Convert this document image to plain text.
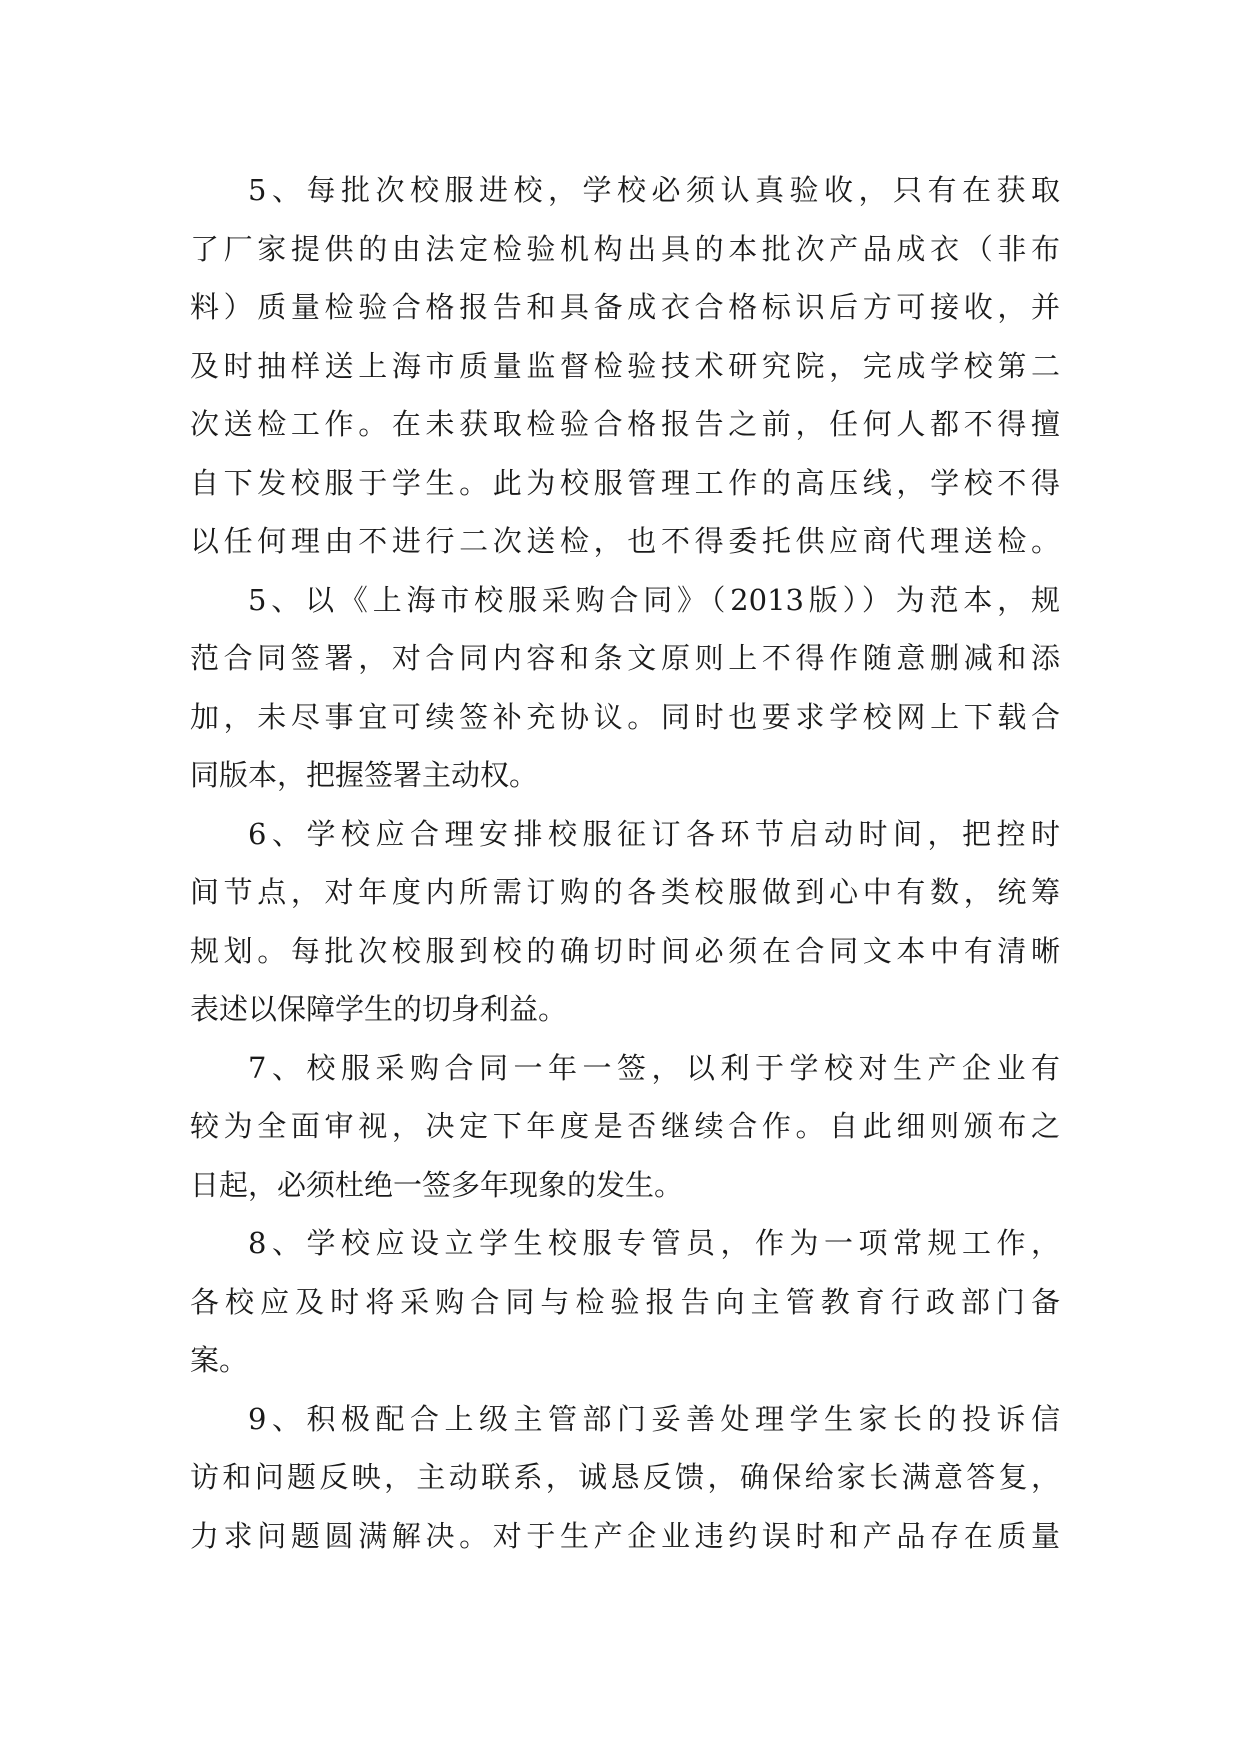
5、每批次校服进校，学校必须认真验收，只有在获取
了厂家提供的由法定检验机构出具的本批次产品成衣（非布
料）质量检验合格报告和具备成衣合格标识后方可接收，并
及时抽样送上海市质量监督检验技术研究院，完成学校第二
次送检工作。在未获取检验合格报告之前，任何人都不得擅
自下发校服于学生。此为校服管理工作的高压线，学校不得
以任何理由不进行二次送检，也不得委托供应商代理送检。
5、以《上海市校服采购合同》（2013版））为范本，规
范合同签署，对合同内容和条文原则上不得作随意删减和添
加，未尽事宜可续签补充协议。同时也要求学校网上下载合
同版本，把握签署主动权。
6、学校应合理安排校服征订各环节启动时间，把控时
间节点，对年度内所需订购的各类校服做到心中有数，统筹
规划。每批次校服到校的确切时间必须在合同文本中有清晰
表述以保障学生的切身利益。
7、校服采购合同一年一签，以利于学校对生产企业有
较为全面审视，决定下年度是否继续合作。自此细则颁布之
日起，必须杜绝一签多年现象的发生。
8、学校应设立学生校服专管员，作为一项常规工作，
各校应及时将采购合同与检验报告向主管教育行政部门备
案。
9、积极配合上级主管部门妥善处理学生家长的投诉信
访和问题反映，主动联系，诚恳反馈，确保给家长满意答复，
力求问题圆满解决。对于生产企业违约误时和产品存在质量
